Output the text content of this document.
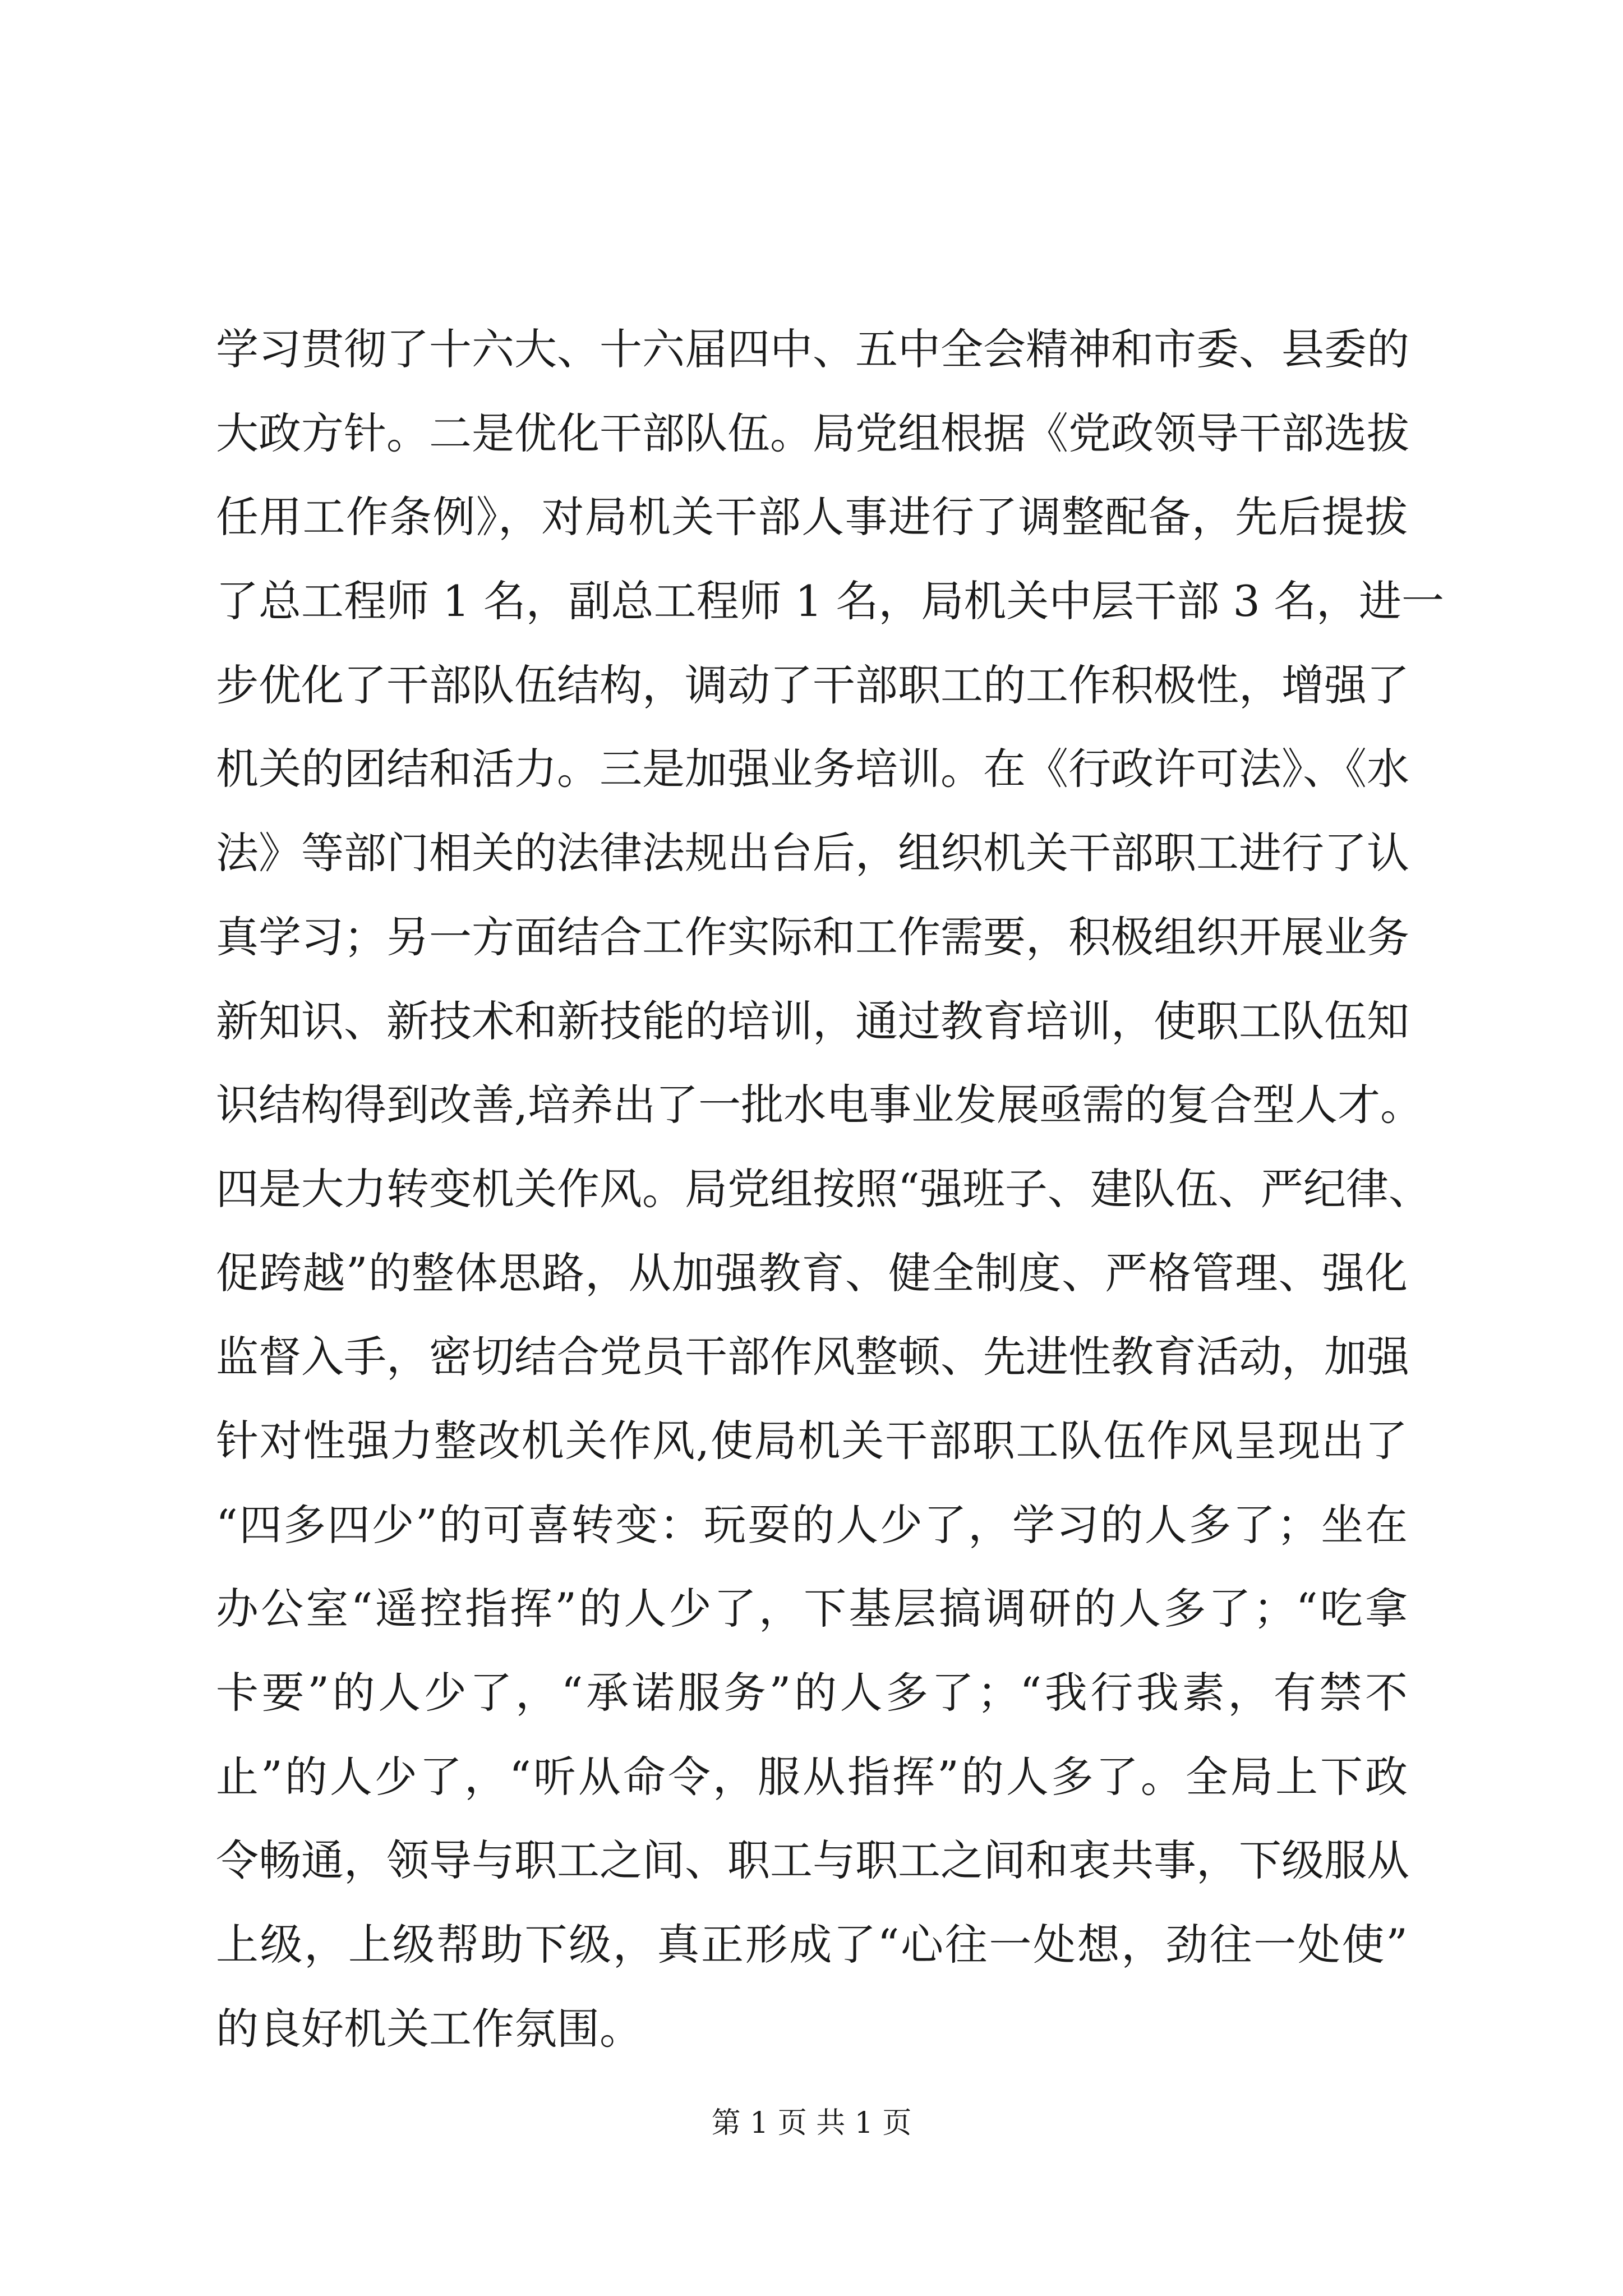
学习贯彻了十六大、十六届四中、五中全会精神和市委、县委的
大政方针。二是优化干部队伍。局党组根据《党政领导干部选拔
任用工作条例》，对局机关干部人事进行了调整配备，先后提拔
了总工程师 1 名，副总工程师 1 名，局机关中层干部 3 名，进一
步优化了干部队伍结构，调动了干部职工的工作积极性，增强了
机关的团结和活力。三是加强业务培训。在《行政许可法》、《水
法》等部门相关的法律法规出台后，组织机关干部职工进行了认
真学习；另一方面结合工作实际和工作需要，积极组织开展业务
新知识、新技术和新技能的培训，通过教育培训，使职工队伍知
识结构得到改善,培养出了一批水电事业发展亟需的复合型人才。
四是大力转变机关作风。局党组按照“强班子、建队伍、严纪律、
促跨越”的整体思路，从加强教育、健全制度、严格管理、强化
监督入手，密切结合党员干部作风整顿、先进性教育活动，加强
针对性强力整改机关作风,使局机关干部职工队伍作风呈现出了
“四多四少”的可喜转变：玩耍的人少了，学习的人多了；坐在
办公室“遥控指挥”的人少了，下基层搞调研的人多了；“吃拿
卡要”的人少了，“承诺服务”的人多了；“我行我素，有禁不
止”的人少了，“听从命令，服从指挥”的人多了。全局上下政
令畅通，领导与职工之间、职工与职工之间和衷共事，下级服从
上级，上级帮助下级，真正形成了“心往一处想，劲往一处使”
的良好机关工作氛围。
第 1 页 共 1 页
